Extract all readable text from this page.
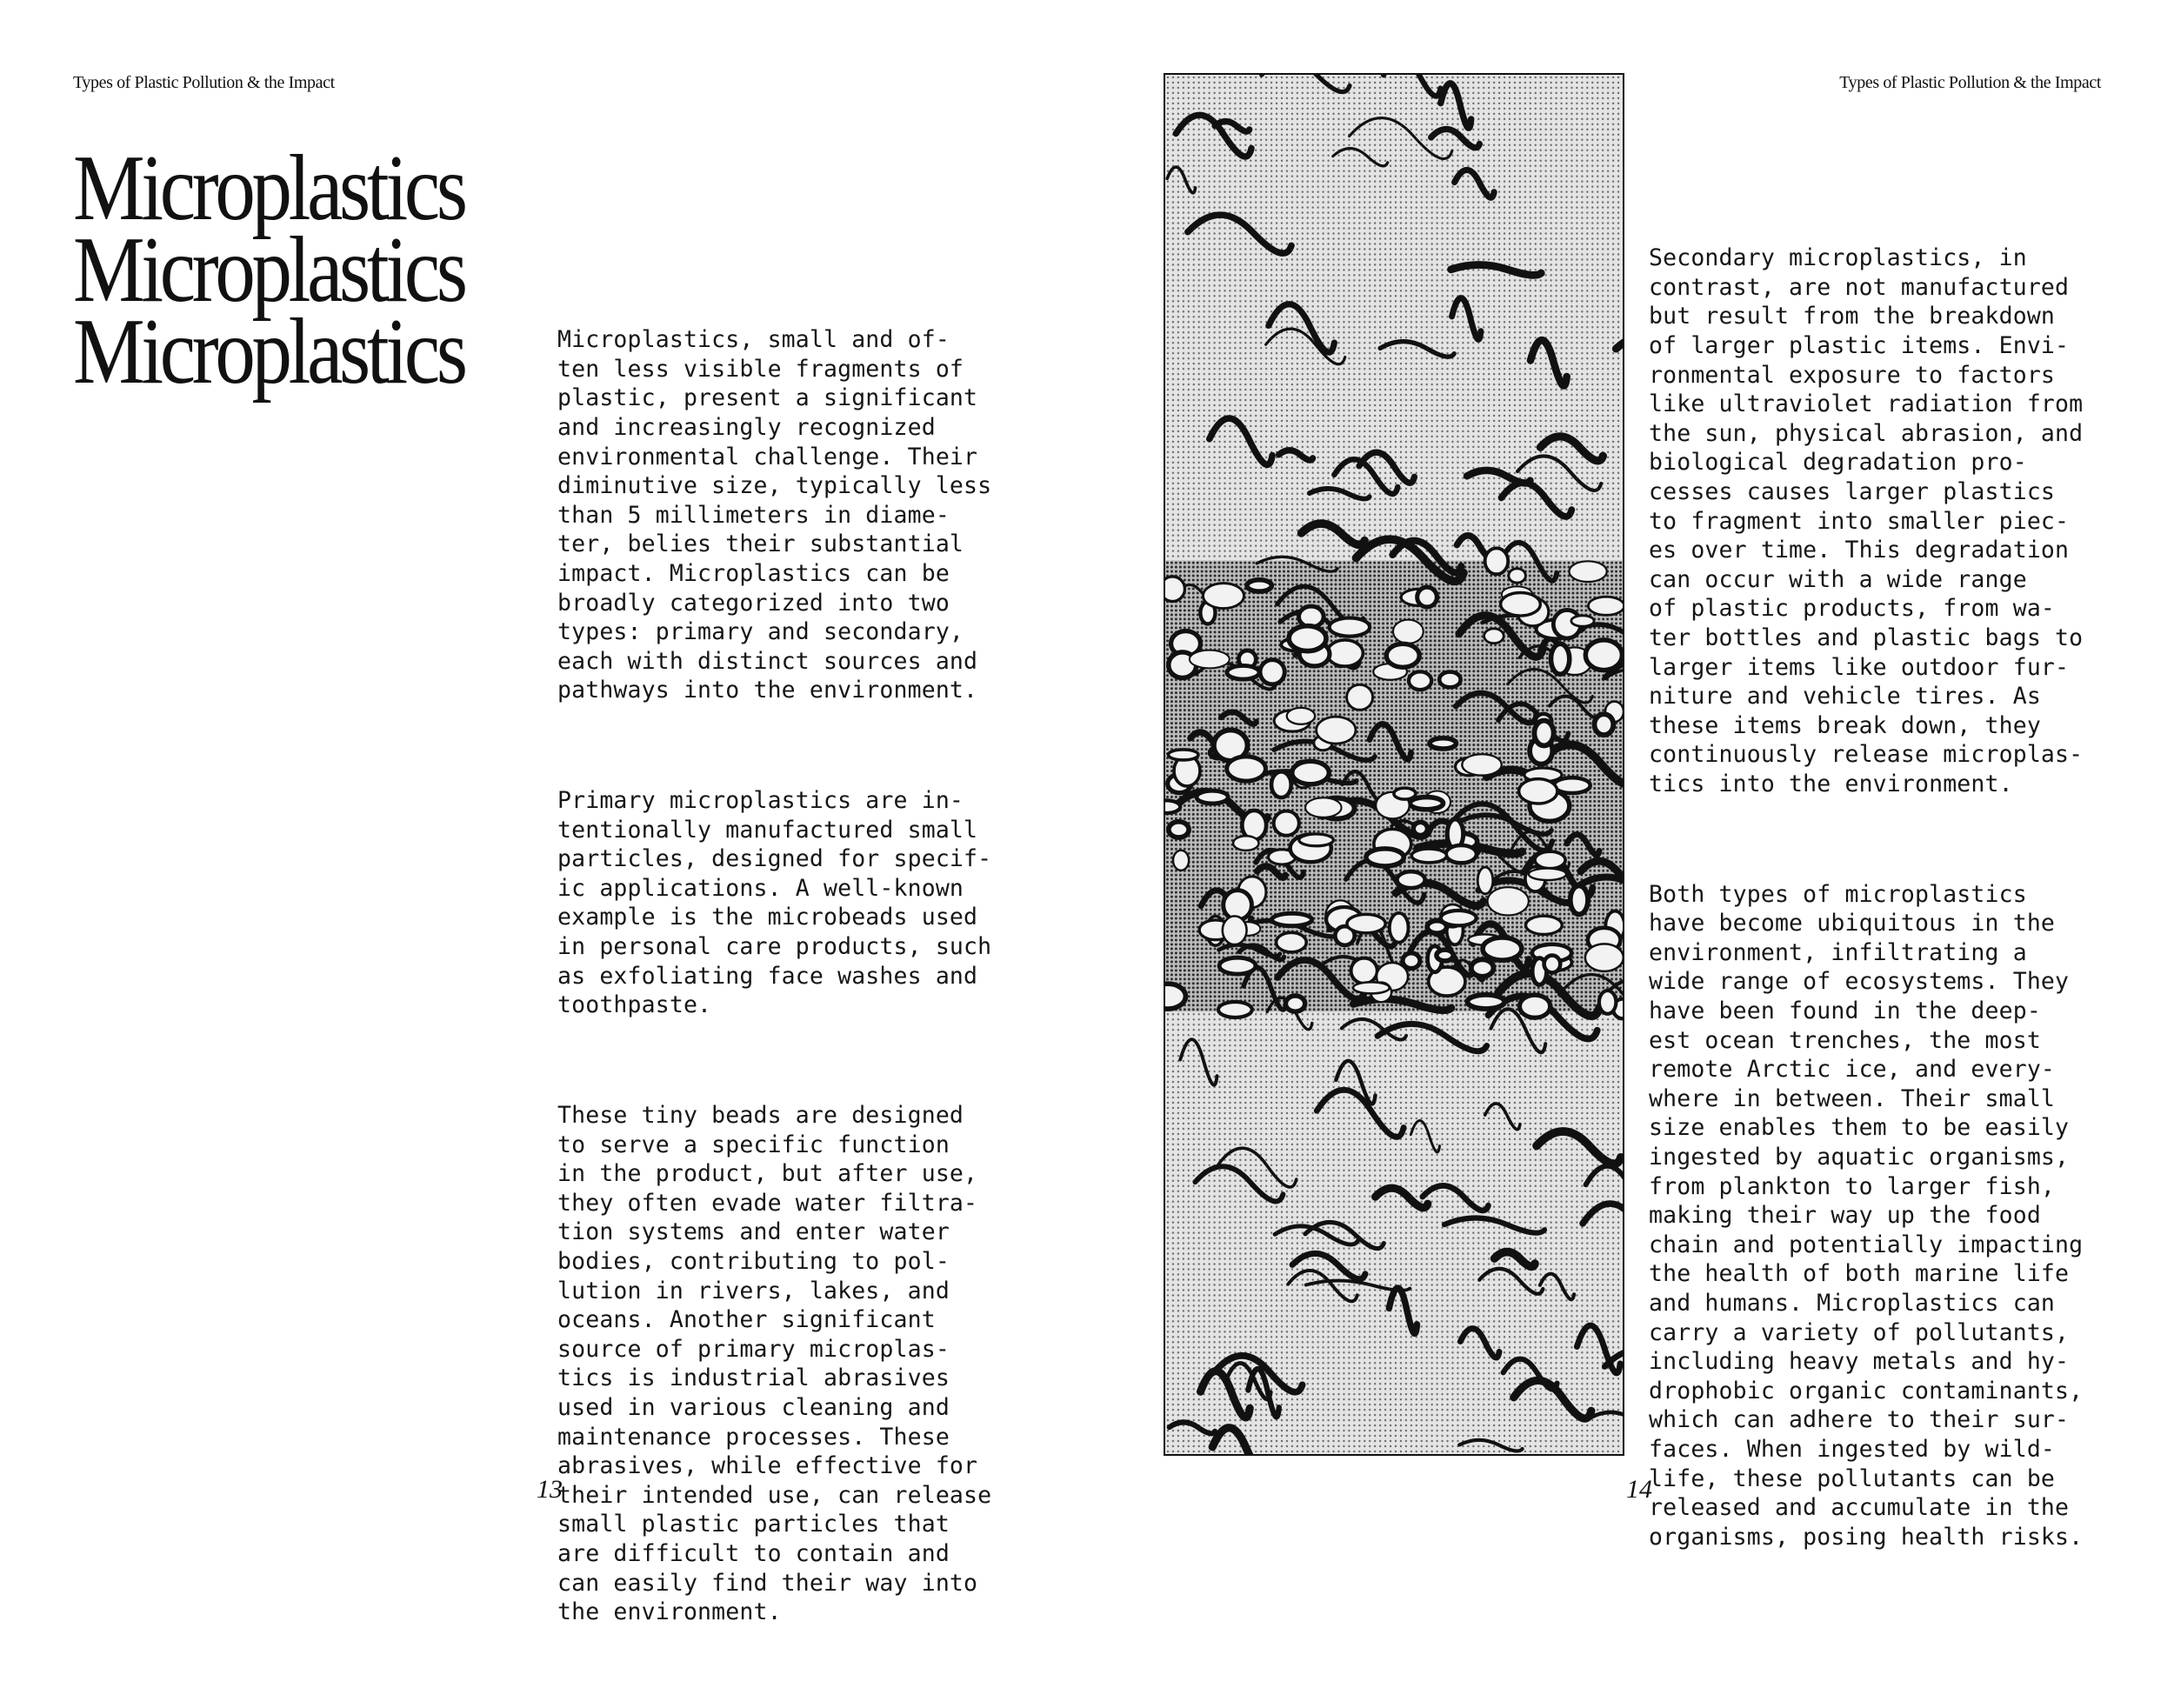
Types of Plastic Pollution & the Impact
Microplastics
Microplastics
Microplastics

	Microplastics, small and of-
ten less visible fragments of
plastic, present a significant
and increasingly recognized
environmental challenge. Their
diminutive size, typically less
than 5 millimeters in diame-
ter, belies their substantial
impact. Microplastics can be
broadly categorized into two
types: primary and secondary,
each with distinct sources and
pathways into the environment.

Primary microplastics are in-
tentionally manufactured small
particles, designed for specif-
ic applications. A well-known
example is the microbeads used
in personal care products, such
as exfoliating face washes and
toothpaste.

These tiny beads are designed
to serve a specific function
in the product, but after use,
they often evade water filtra-
tion systems and enter water
bodies, contributing to pol-
lution in rivers, lakes, and
oceans. Another significant
source of primary microplas-
tics is industrial abrasives
used in various cleaning and
maintenance processes. These
abrasives, while effective for
their intended use, can release
small plastic particles that
are difficult to contain and
can easily find their way into
the environment.

13
Types of Plastic Pollution & the Impact

Secondary microplastics, in
contrast, are not manufactured
but result from the breakdown
of larger plastic items. Envi-
ronmental exposure to factors
like ultraviolet radiation from
the sun, physical abrasion, and
biological degradation pro-
cesses causes larger plastics
to fragment into smaller piec-
es over time. This degradation
can occur with a wide range
of plastic products, from wa-
ter bottles and plastic bags to
larger items like outdoor fur-
niture and vehicle tires. As
these items break down, they
continuously release microplas-
tics into the environment.

Both types of microplastics
have become ubiquitous in the
environment, infiltrating a
wide range of ecosystems. They
have been found in the deep-
est ocean trenches, the most
remote Arctic ice, and every-
where in between. Their small
size enables them to be easily
ingested by aquatic organisms,
from plankton to larger fish,
making their way up the food
chain and potentially impacting
the health of both marine life
and humans. Microplastics can
carry a variety of pollutants,
including heavy metals and hy-
drophobic organic contaminants,
which can adhere to their sur-
faces. When ingested by wild-
life, these pollutants can be
released and accumulate in the
organisms, posing health risks.

14
